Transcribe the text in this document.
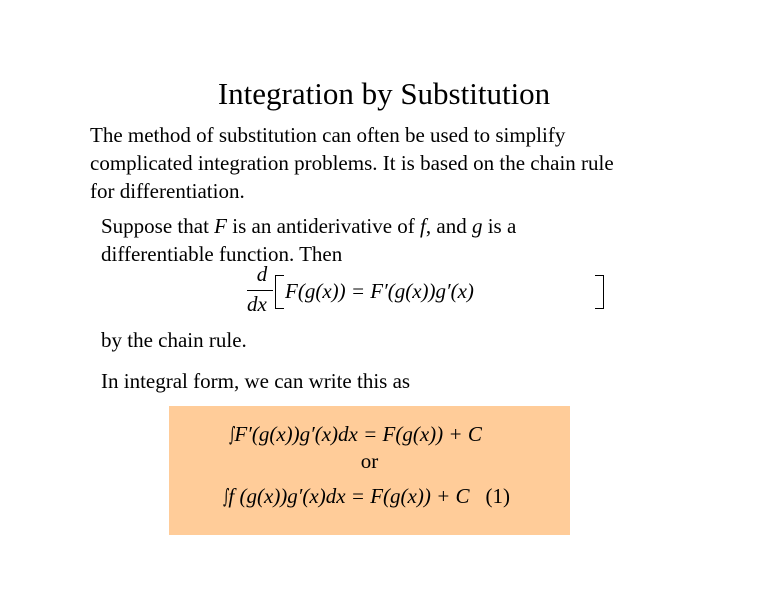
Integration by Substitution
The method of substitution can often be used to simplify
complicated integration problems. It is based on the chain rule
for differentiation.
Suppose that F is an antiderivative of f, and g is a
differentiable function. Then
d
dx
F(g(x)) = F′(g(x))g′(x)
by the chain rule.
In integral form, we can write this as
∫F′(g(x))g′(x)dx = F(g(x)) + C
or
∫f (g(x))g′(x)dx = F(g(x)) + C (1)
